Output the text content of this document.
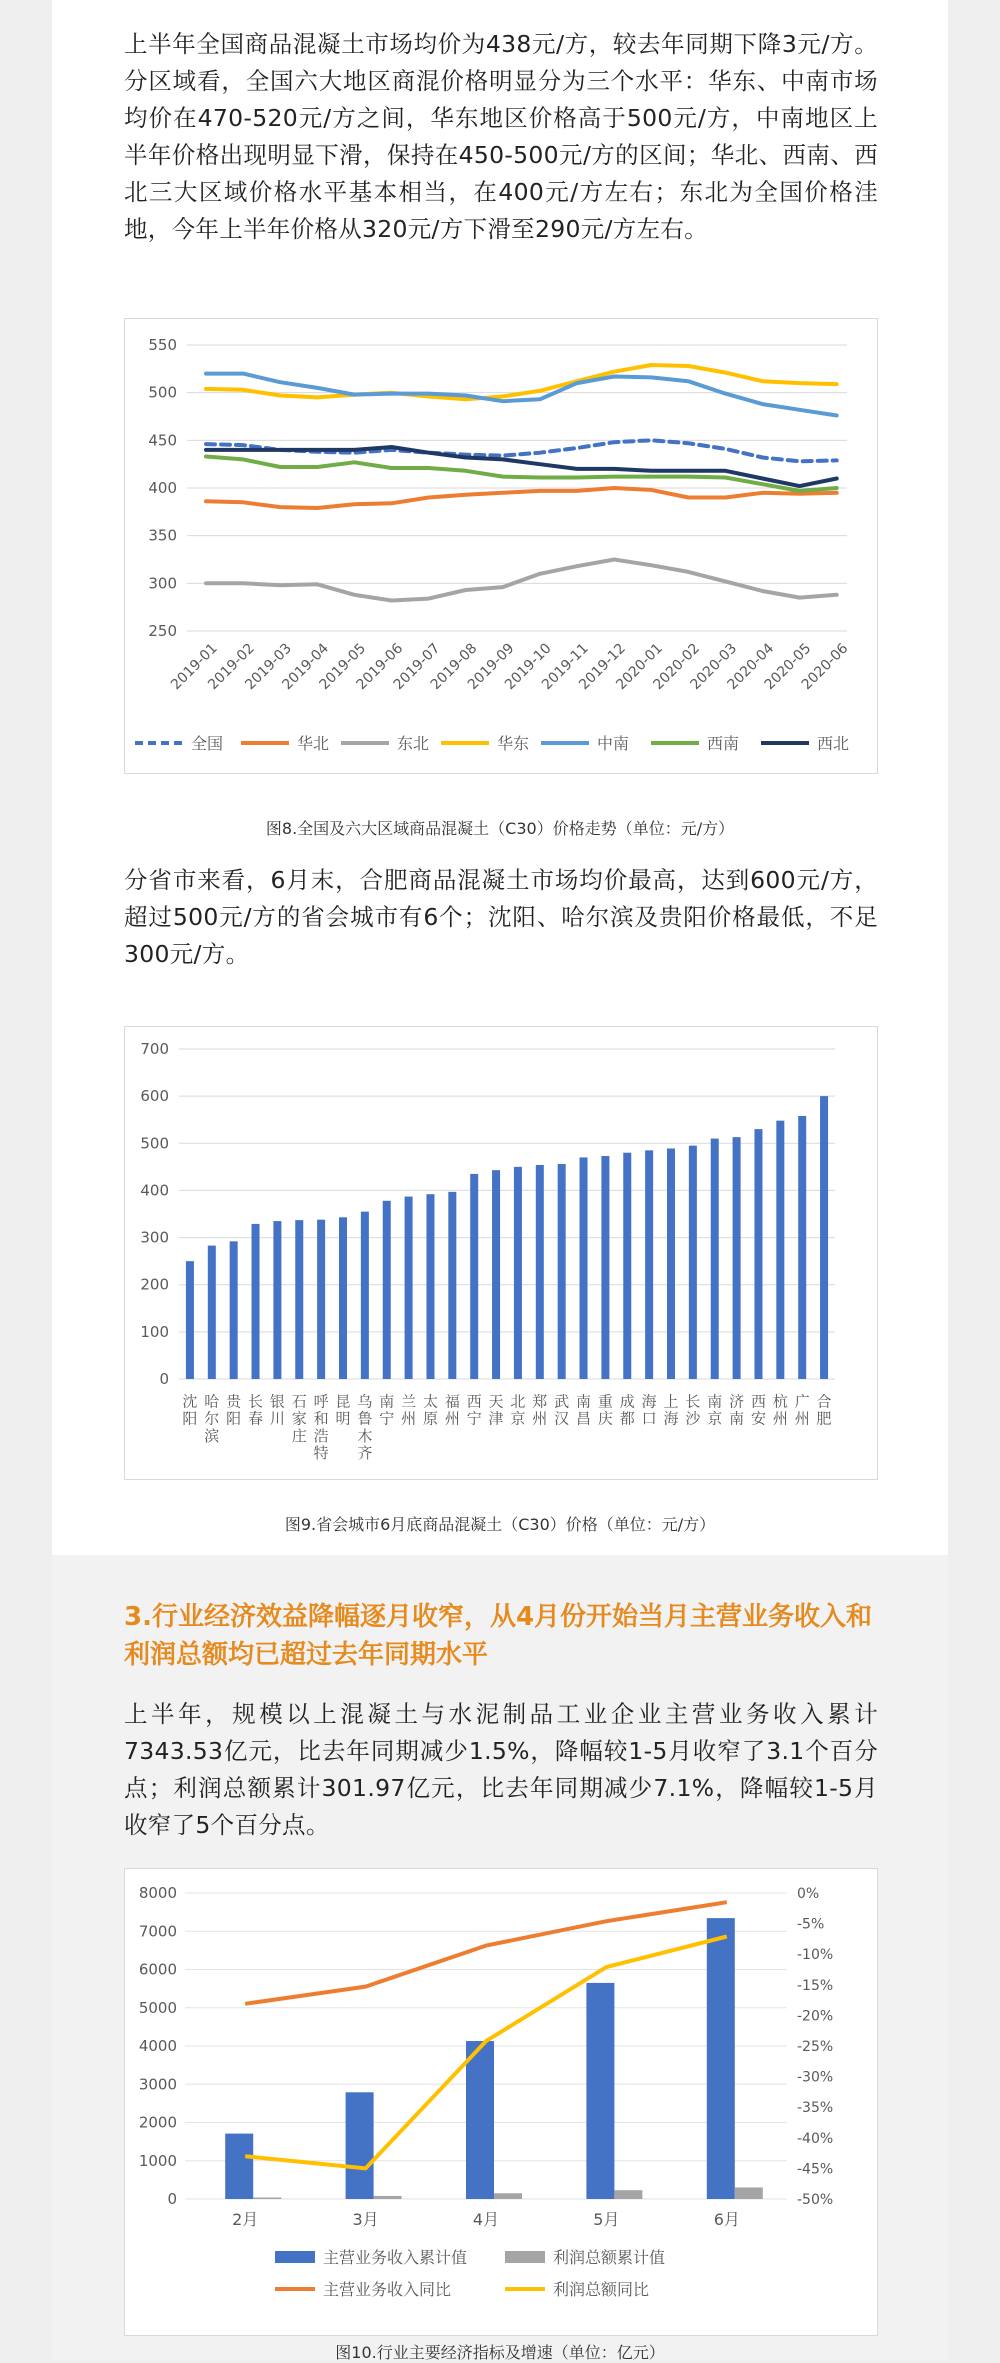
上半年全国商品混凝土市场均价为438元/方，较去年同期下降3元/方。分区域看，全国六大地区商混价格明显分为三个水平：华东、中南市场均价在470-520元/方之间，华东地区价格高于500元/方，中南地区上半年价格出现明显下滑，保持在450-500元/方的区间；华北、西南、西北三大区域价格水平基本相当，在400元/方左右；东北为全国价格洼地，今年上半年价格从320元/方下滑至290元/方左右。

250
300
350
400
450
500
550
2019-01
2019-02
2019-03
2019-04
2019-05
2019-06
2019-07
2019-08
2019-09
2019-10
2019-11
2019-12
2020-01
2020-02
2020-03
2020-04
2020-05
2020-06
全国	华北	东北	华东	中南	西南	西北
图8.全国及六大区域商品混凝土（C30）价格走势（单位：元/方）

分省市来看，6月末，合肥商品混凝土市场均价最高，达到600元/方，超过500元/方的省会城市有6个；沈阳、哈尔滨及贵阳价格最低，不足300元/方。

0
100
200
300
400
500
600
700
沈阳
哈尔滨
贵阳
长春
银川
石家庄
呼和浩特
昆明
乌鲁木齐
南宁
兰州
太原
福州
西宁
天津
北京
郑州
武汉
南昌
重庆
成都
海口
上海
长沙
南京
济南
西安
杭州
广州
合肥
图9.省会城市6月底商品混凝土（C30）价格（单位：元/方）

3.行业经济效益降幅逐月收窄，从4月份开始当月主营业务收入和利润总额均已超过去年同期水平

上半年，规模以上混凝土与水泥制品工业企业主营业务收入累计7343.53亿元，比去年同期减少1.5%，降幅较1-5月收窄了3.1个百分点；利润总额累计301.97亿元，比去年同期减少7.1%，降幅较1-5月收窄了5个百分点。

0
1000
2000
3000
4000
5000
6000
7000
8000	0%
-5%
-10%
-15%
-20%
-25%
-30%
-35%
-40%
-45%
-50%
2月	3月	4月	5月	6月
主营业务收入累计值	利润总额累计值
主营业务收入同比	利润总额同比
图10.行业主要经济指标及增速（单位：亿元）
